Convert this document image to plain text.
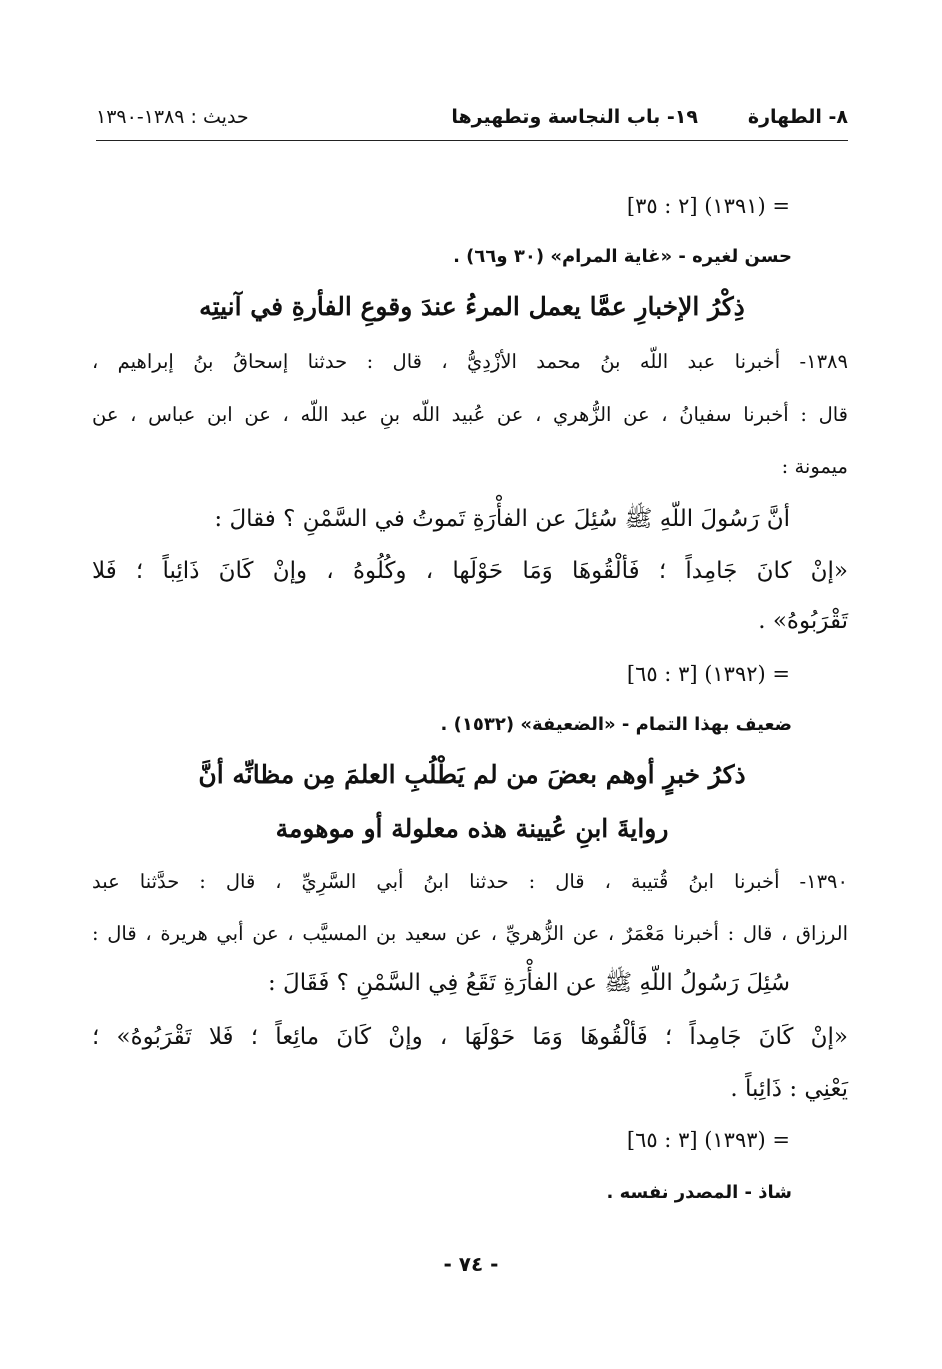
٨- الطهارة
١٩- باب النجاسة وتطهيرها
حديث : ١٣٨٩-١٣٩٠
= (١٣٩١) [٢ : ٣٥]
حسن لغيره - «غاية المرام» (٣٠ و٦٦) .
ذِكْرُ الإخبارِ عمَّا يعمل المرءُ عندَ وقوعِ الفأرةِ في آنيتِه
١٣٨٩- أخبرنا عبد اللّه بنُ محمد الأزْدِيُّ ، قال : حدثنا إسحاقُ بنُ إبراهيم ،
قال : أخبرنا سفيانُ ، عن الزُّهري ، عن عُبيد اللّه بنِ عبد اللّه ، عن ابن عباس ، عن
ميمونة :
أنَّ رَسُولَ اللّهِ ﷺ سُئِلَ عن الفأْرَةِ تَموتُ في السَّمْنِ ؟ فقالَ :
«إنْ كانَ جَامِداً ؛ فَألْقُوهَا وَمَا حَوْلَها ، وكُلُوهُ ، وإنْ كَانَ ذَائِباً ؛ فَلا
تَقْرَبُوهُ» .
= (١٣٩٢) [٣ : ٦٥]
ضعيف بهذا التمام - «الضعيفة» (١٥٣٢) .
ذكرُ خبرٍ أوهم بعضَ من لم يَطْلُبِ العلمَ مِن مظانِّه أنَّ
روايةَ ابنِ عُيينة هذه معلولة أو موهومة
١٣٩٠- أخبرنا ابنُ قُتيبة ، قال : حدثنا ابنُ أبي السَّرِيِّ ، قال : حدَّثنا عبد
الرزاق ، قال : أخبرنا مَعْمَرٌ ، عن الزُّهريِّ ، عن سعيد بن المسيَّب ، عن أبي هريرة ، قال :
سُئِلَ رَسُولُ اللّهِ ﷺ عن الفأْرَةِ تَقَعُ فِي السَّمْنِ ؟ فَقَالَ :
«إنْ كَانَ جَامِداً ؛ فَألْقُوهَا وَمَا حَوْلَهَا ، وإنْ كَانَ مائِعاً ؛ فَلا تَقْرَبُوهُ» ؛
يَعْنِي : ذَائِباً .
= (١٣٩٣) [٣ : ٦٥]
شاذ - المصدر نفسه .
- ٧٤ -
